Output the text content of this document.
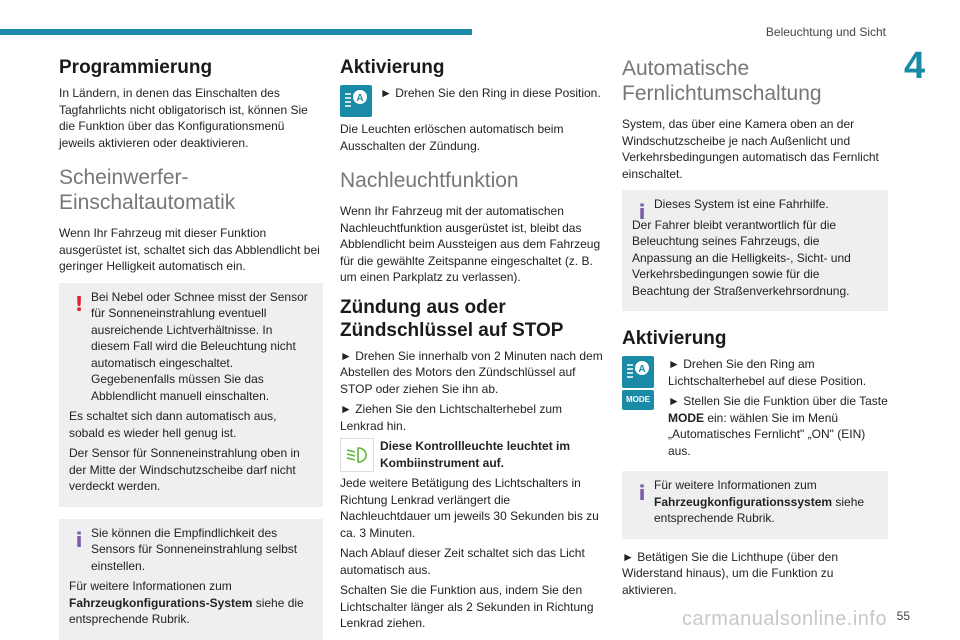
Beleuchtung und Sicht
4
Programmierung

In Ländern, in denen das Einschalten des Tagfahrlichts nicht obligatorisch ist, können Sie die Funktion über das Konfigurationsmenü jeweils aktivieren oder deaktivieren.

Scheinwerfer-Einschaltautomatik

Wenn Ihr Fahrzeug mit dieser Funktion ausgerüstet ist, schaltet sich das Abblendlicht bei geringer Helligkeit automatisch ein.

! Bei Nebel oder Schnee misst der Sensor für Sonneneinstrahlung eventuell ausreichende Lichtverhältnisse. In diesem Fall wird die Beleuchtung nicht automatisch eingeschaltet. Gegebenenfalls müssen Sie das Abblendlicht manuell einschalten.

Es schaltet sich dann automatisch aus, sobald es wieder hell genug ist.

Der Sensor für Sonneneinstrahlung oben in der Mitte der Windschutzscheibe darf nicht verdeckt werden.

i Sie können die Empfindlichkeit des Sensors für Sonneneinstrahlung selbst einstellen.

Für weitere Informationen zum Fahrzeugkonfigurations-System siehe die entsprechende Rubrik.

Aktivierung
A ► Drehen Sie den Ring in diese Position.

Die Leuchten erlöschen automatisch beim Ausschalten der Zündung.

Nachleuchtfunktion

Wenn Ihr Fahrzeug mit der automatischen Nachleuchtfunktion ausgerüstet ist, bleibt das Abblendlicht beim Aussteigen aus dem Fahrzeug für die gewählte Zeitspanne eingeschaltet (z. B. um einen Parkplatz zu verlassen).

Zündung aus oder Zündschlüssel auf STOP

► Drehen Sie innerhalb von 2 Minuten nach dem Abstellen des Motors den Zündschlüssel auf STOP oder ziehen Sie ihn ab.

► Ziehen Sie den Lichtschalterhebel zum Lenkrad hin.

Diese Kontrollleuchte leuchtet im Kombiinstrument auf.

Jede weitere Betätigung des Lichtschalters in Richtung Lenkrad verlängert die Nachleuchtdauer um jeweils 30 Sekunden bis zu ca. 3 Minuten.

Nach Ablauf dieser Zeit schaltet sich das Licht automatisch aus.

Schalten Sie die Funktion aus, indem Sie den Lichtschalter länger als 2 Sekunden in Richtung Lenkrad ziehen.

Automatische Fernlichtumschaltung

System, das über eine Kamera oben an der Windschutzscheibe je nach Außenlicht und Verkehrsbedingungen automatisch das Fernlicht einschaltet.

i Dieses System ist eine Fahrhilfe.

Der Fahrer bleibt verantwortlich für die Beleuchtung seines Fahrzeugs, die Anpassung an die Helligkeits-, Sicht- und Verkehrsbedingungen sowie für die Beachtung der Straßenverkehrsordnung.

Aktivierung
A
MODE

► Drehen Sie den Ring am Lichtschalterhebel auf diese Position.

► Stellen Sie die Funktion über die Taste MODE ein: wählen Sie im Menü „Automatisches Fernlicht" „ON" (EIN) aus.

i Für weitere Informationen zum Fahrzeugkonfigurationssystem siehe entsprechende Rubrik.

► Betätigen Sie die Lichthupe (über den Widerstand hinaus), um die Funktion zu aktivieren.

carmanualsonline.info 55
